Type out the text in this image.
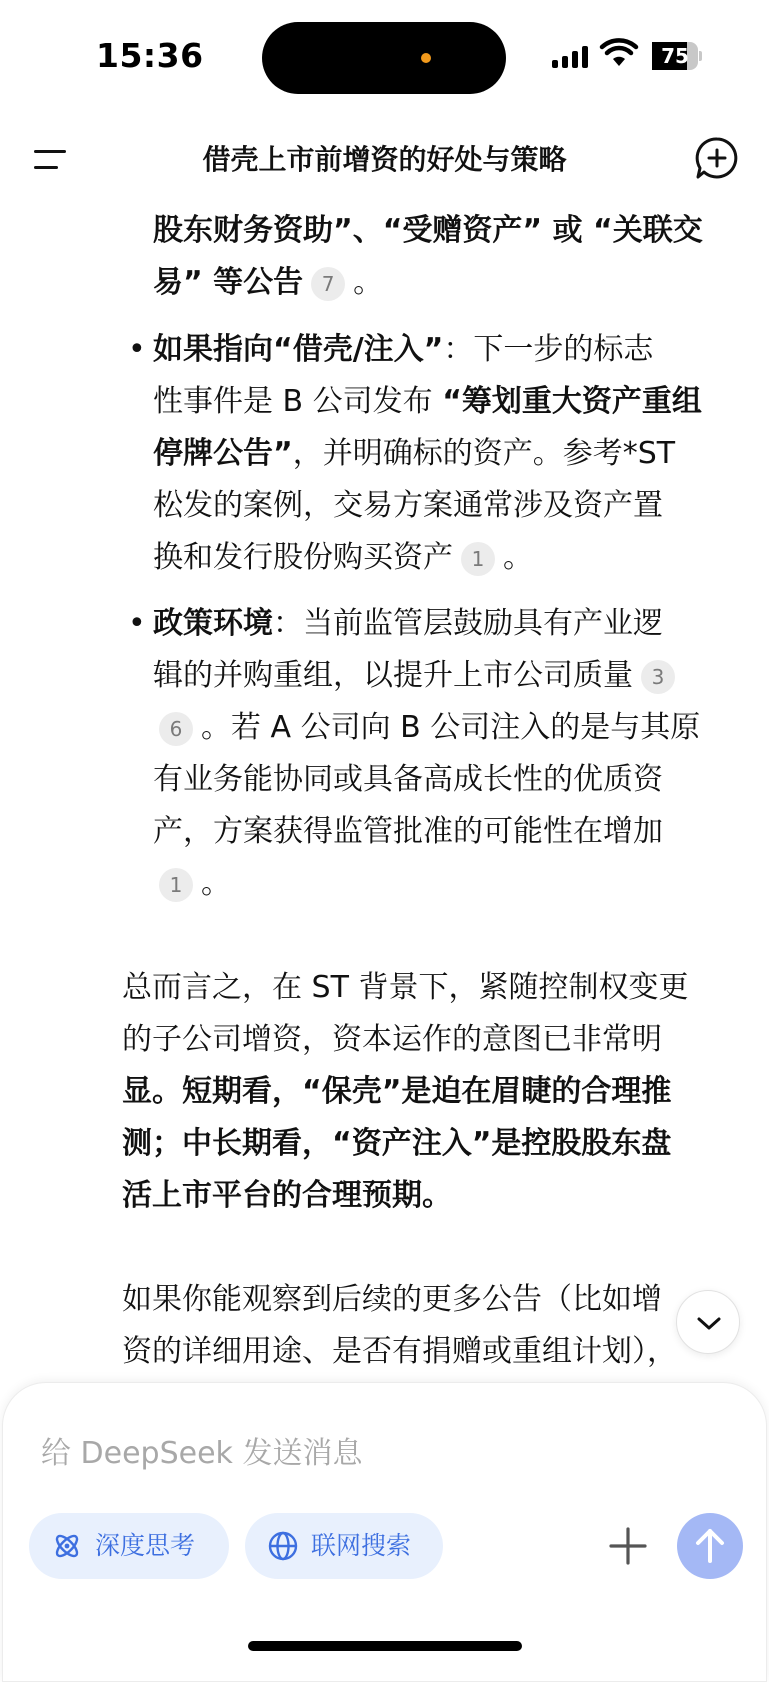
15:36	75
借壳上市前增资的好处与策略
股东财务资助”、“受赠资产” 或 “关联交
易” 等公告 7 。
• 如果指向“借壳/注入”：下一步的标志
性事件是 B 公司发布 “筹划重大资产重组
停牌公告”，并明确标的资产。参考*ST
松发的案例，交易方案通常涉及资产置
换和发行股份购买资产 1 。
• 政策环境：当前监管层鼓励具有产业逻
辑的并购重组，以提升上市公司质量 3
6 。若 A 公司向 B 公司注入的是与其原
有业务能协同或具备高成长性的优质资
产，方案获得监管批准的可能性在增加
1 。
总而言之，在 ST 背景下，紧随控制权变更
的子公司增资，资本运作的意图已非常明
显。短期看，“保壳”是迫在眉睫的合理推
测；中长期看，“资产注入”是控股股东盘
活上市平台的合理预期。
如果你能观察到后续的更多公告（比如增
资的详细用途、是否有捐赠或重组计划），
给 DeepSeek 发送消息
深度思考	联网搜索
